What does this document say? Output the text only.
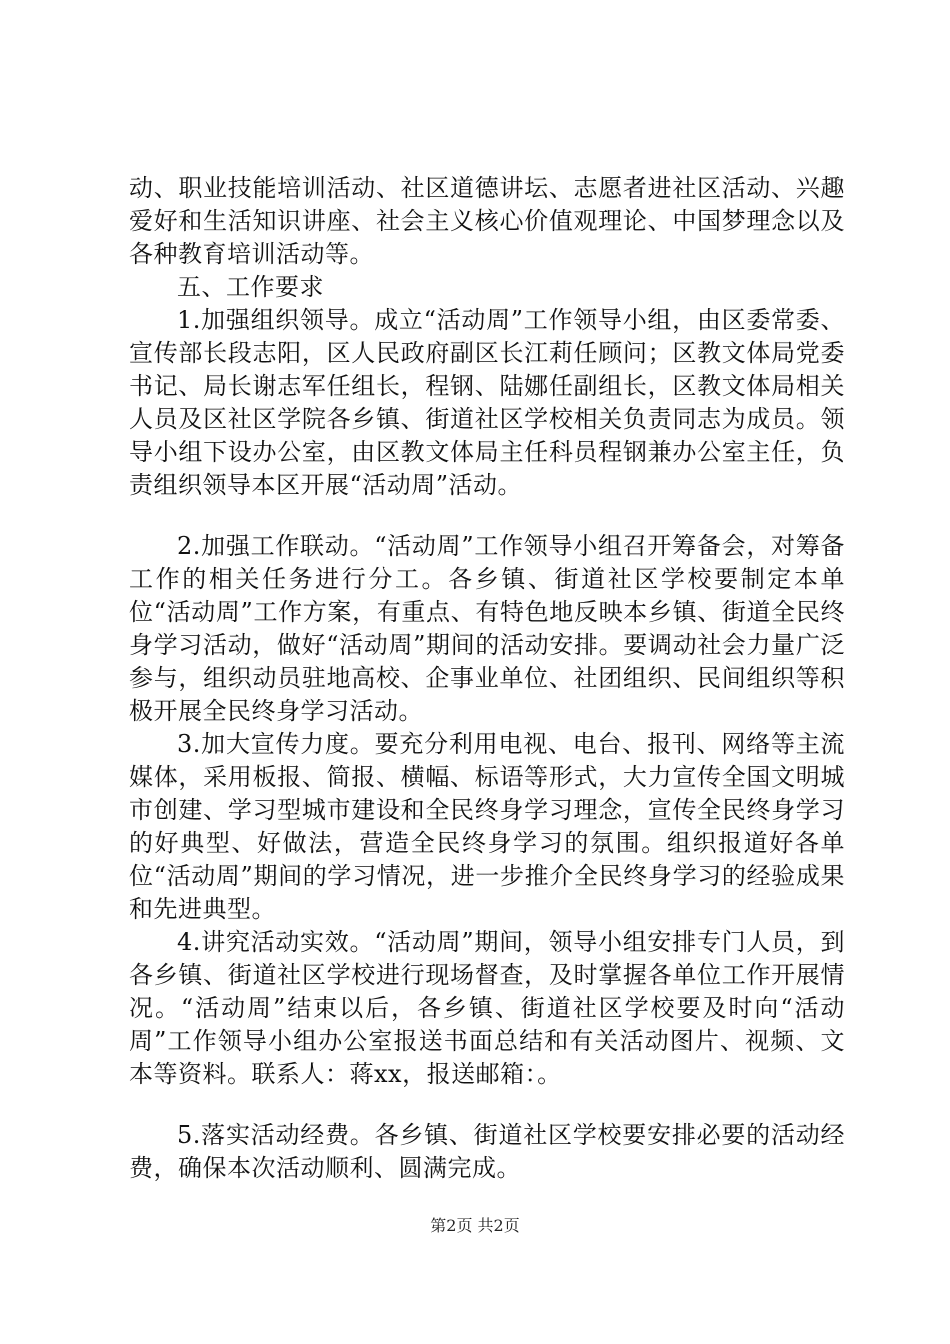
动、职业技能培训活动、社区道德讲坛、志愿者进社区活动、兴趣爱好和生活知识讲座、社会主义核心价值观理论、中国梦理念以及各种教育培训活动等。

五、工作要求

1.加强组织领导。成立“活动周”工作领导小组，由区委常委、宣传部长段志阳，区人民政府副区长江莉任顾问；区教文体局党委书记、局长谢志军任组长，程钢、陆娜任副组长，区教文体局相关人员及区社区学院各乡镇、街道社区学校相关负责同志为成员。领导小组下设办公室，由区教文体局主任科员程钢兼办公室主任，负责组织领导本区开展“活动周”活动。

2.加强工作联动。“活动周”工作领导小组召开筹备会，对筹备工作的相关任务进行分工。各乡镇、街道社区学校要制定本单位“活动周”工作方案，有重点、有特色地反映本乡镇、街道全民终身学习活动，做好“活动周”期间的活动安排。要调动社会力量广泛参与，组织动员驻地高校、企事业单位、社团组织、民间组织等积极开展全民终身学习活动。

3.加大宣传力度。要充分利用电视、电台、报刊、网络等主流媒体，采用板报、简报、横幅、标语等形式，大力宣传全国文明城市创建、学习型城市建设和全民终身学习理念，宣传全民终身学习的好典型、好做法，营造全民终身学习的氛围。组织报道好各单位“活动周”期间的学习情况，进一步推介全民终身学习的经验成果和先进典型。

4.讲究活动实效。“活动周”期间，领导小组安排专门人员，到各乡镇、街道社区学校进行现场督查，及时掌握各单位工作开展情况。“活动周”结束以后，各乡镇、街道社区学校要及时向“活动周”工作领导小组办公室报送书面总结和有关活动图片、视频、文本等资料。联系人：蒋xx，报送邮箱：。

5.落实活动经费。各乡镇、街道社区学校要安排必要的活动经费，确保本次活动顺利、圆满完成。

第2页 共2页
